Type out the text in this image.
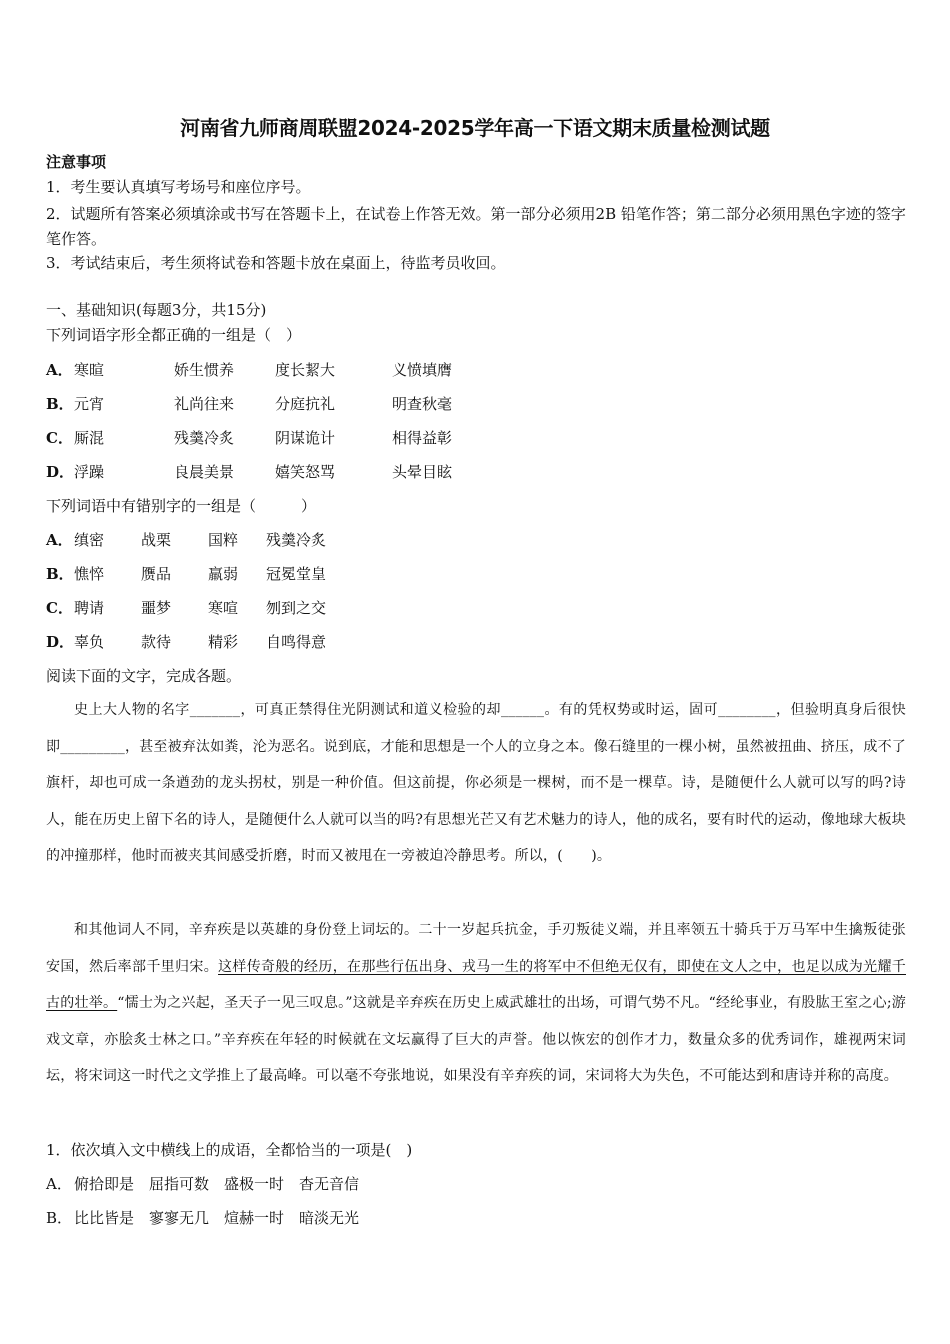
河南省九师商周联盟2024-2025学年高一下语文期末质量检测试题
注意事项
1．考生要认真填写考场号和座位序号。
2．试题所有答案必须填涂或书写在答题卡上，在试卷上作答无效。第一部分必须用2B 铅笔作答；第二部分必须用黑色字迹的签字笔作答。
3．考试结束后，考生须将试卷和答题卡放在桌面上，待监考员收回。
一、基础知识(每题3分，共15分)
下列词语字形全都正确的一组是（　）
A． 寒暄	娇生惯养	度长絜大	义愤填膺
B． 元宵	礼尚往来	分庭抗礼	明查秋毫
C． 厮混	残羹冷炙	阴谋诡计	相得益彰
D． 浮躁	良晨美景	嬉笑怒骂	头晕目眩
下列词语中有错别字的一组是（　　　）
A． 缜密 战栗 国粹 残羹冷炙
B． 憔悴 赝品 羸弱 冠冕堂皇
C． 聘请 噩梦 寒喧 刎到之交
D． 辜负 款待 精彩 自鸣得意
阅读下面的文字，完成各题。
史上大人物的名字_______，可真正禁得住光阴测试和道义检验的却______。有的凭权势或时运，固可________，但验明真身后很快即_________，甚至被弃汰如粪，沦为恶名。说到底，才能和思想是一个人的立身之本。像石缝里的一棵小树，虽然被扭曲、挤压，成不了旗杆，却也可成一条遒劲的龙头拐杖，别是一种价值。但这前提，你必须是一棵树，而不是一棵草。诗，是随便什么人就可以写的吗?诗人，能在历史上留下名的诗人，是随便什么人就可以当的吗?有思想光芒又有艺术魅力的诗人，他的成名，要有时代的运动，像地球大板块的冲撞那样，他时而被夹其间感受折磨，时而又被甩在一旁被迫冷静思考。所以，(　　)。
和其他词人不同，辛弃疾是以英雄的身份登上词坛的。二十一岁起兵抗金，手刃叛徒义端，并且率领五十骑兵于万马军中生擒叛徒张安国，然后率部千里归宋。这样传奇般的经历，在那些行伍出身、戎马一生的将军中不但绝无仅有，即使在文人之中，也足以成为光耀千古的壮举。“懦士为之兴起，圣天子一见三叹息。”这就是辛弃疾在历史上威武雄壮的出场，可谓气势不凡。“经纶事业，有股肱王室之心;游戏文章，亦脍炙士林之口。”辛弃疾在年轻的时候就在文坛赢得了巨大的声誉。他以恢宏的创作才力，数量众多的优秀词作，雄视两宋词坛，将宋词这一时代之文学推上了最高峰。可以毫不夸张地说，如果没有辛弃疾的词，宋词将大为失色，不可能达到和唐诗并称的高度。
1．依次填入文中横线上的成语，全都恰当的一项是(　)
A． 俯拾即是　屈指可数　盛极一时　杳无音信
B． 比比皆是　寥寥无几　煊赫一时　暗淡无光
